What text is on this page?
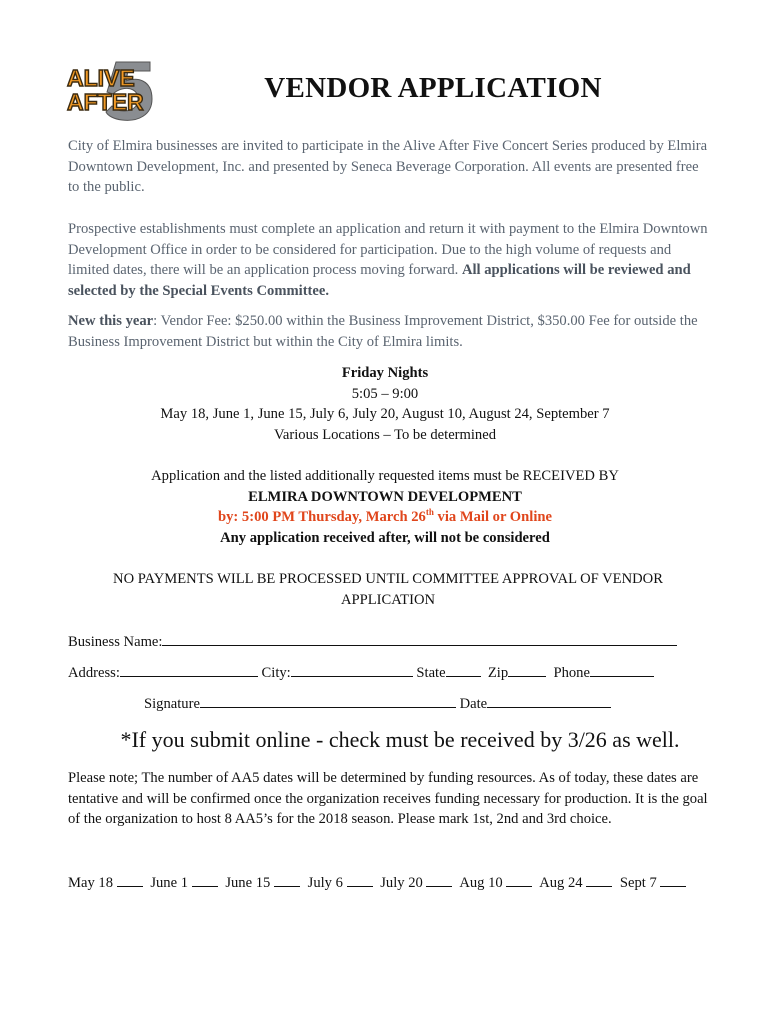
ALIVE
AFTER	VENDOR APPLICATION
City of Elmira businesses are invited to participate in the Alive After Five Concert Series produced by Elmira Downtown Development, Inc. and presented by Seneca Beverage Corporation. All events are presented free to the public.
Prospective establishments must complete an application and return it with payment to the Elmira Downtown Development Office in order to be considered for participation. Due to the high volume of requests and limited dates, there will be an application process moving forward. All applications will be reviewed and selected by the Special Events Committee.
New this year: Vendor Fee: $250.00 within the Business Improvement District, $350.00 Fee for outside the Business Improvement District but within the City of Elmira limits.
Friday Nights
5:05 – 9:00
May 18, June 1, June 15, July 6, July 20, August 10, August 24, September 7
Various Locations – To be determined
Application and the listed additionally requested items must be RECEIVED BY
ELMIRA DOWNTOWN DEVELOPMENT
by: 5:00 PM Thursday, March 26th via Mail or Online
Any application received after, will not be considered
NO PAYMENTS WILL BE PROCESSED UNTIL COMMITTEE APPROVAL OF VENDOR APPLICATION
Business Name:
Address:	City:	State	Zip	Phone
Signature	Date
*If you submit online - check must be received by 3/26 as well.
Please note; The number of AA5 dates will be determined by funding resources. As of today, these dates are tentative and will be confirmed once the organization receives funding necessary for production. It is the goal of the organization to host 8 AA5’s for the 2018 season. Please mark 1st, 2nd and 3rd choice.
May 18	June 1	June 15	July 6	July 20	Aug 10	Aug 24	Sept 7
